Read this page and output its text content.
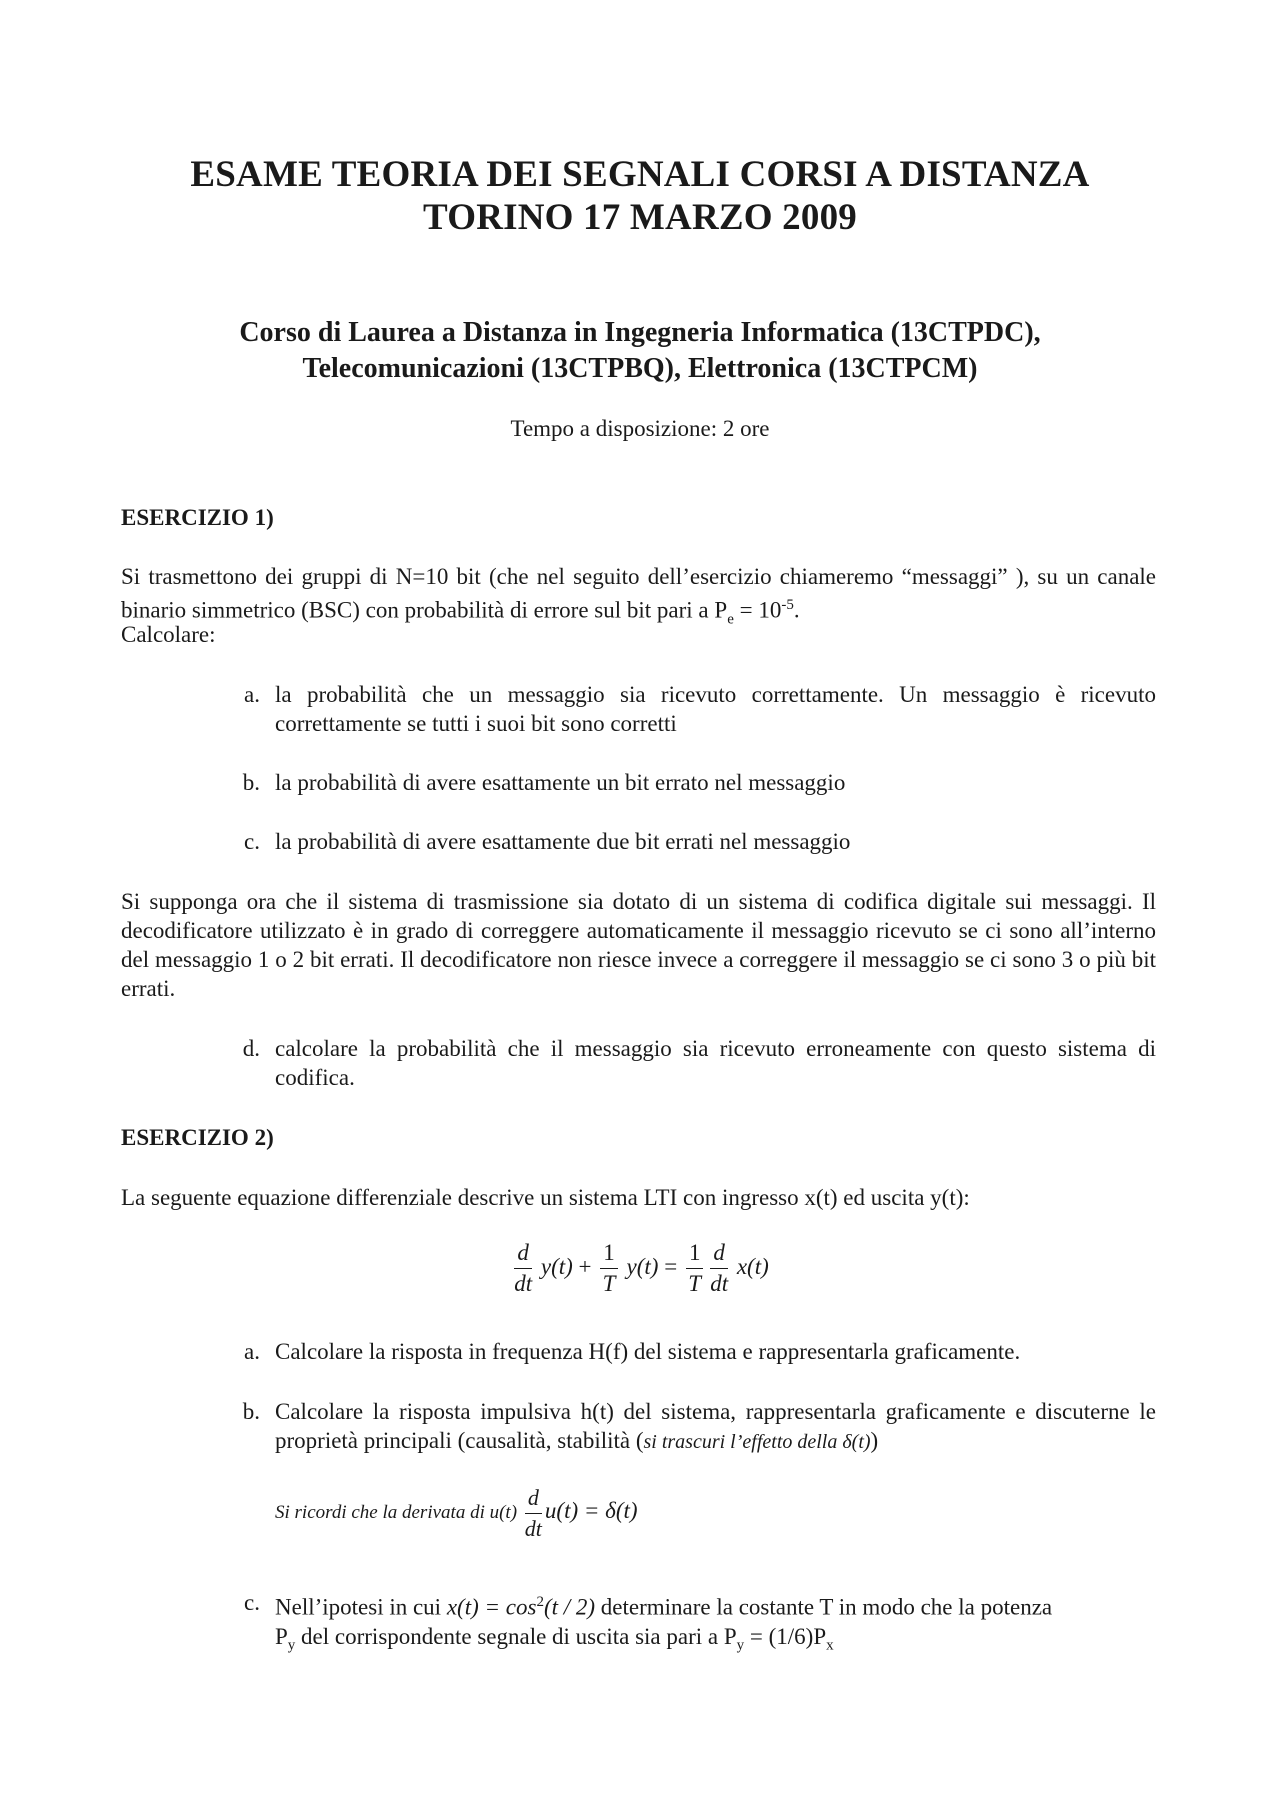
ESAME TEORIA DEI SEGNALI CORSI A DISTANZA
TORINO 17 MARZO 2009
Corso di Laurea a Distanza in Ingegneria Informatica (13CTPDC),
Telecomunicazioni (13CTPBQ), Elettronica (13CTPCM)
Tempo a disposizione: 2 ore
ESERCIZIO 1)
Si trasmettono dei gruppi di N=10 bit (che nel seguito dell’esercizio chiameremo “messaggi” ), su un canale binario simmetrico (BSC) con probabilità di errore sul bit pari a $P_e = 10^{-5}$.
Calcolare:
a. la probabilità che un messaggio sia ricevuto correttamente. Un messaggio è ricevuto correttamente se tutti i suoi bit sono corretti
b. la probabilità di avere esattamente un bit errato nel messaggio
c. la probabilità di avere esattamente due bit errati nel messaggio
Si supponga ora che il sistema di trasmissione sia dotato di un sistema di codifica digitale sui messaggi. Il decodificatore utilizzato è in grado di correggere automaticamente il messaggio ricevuto se ci sono all’interno del messaggio 1 o 2 bit errati. Il decodificatore non riesce invece a correggere il messaggio se ci sono 3 o più bit errati.
d. calcolare la probabilità che il messaggio sia ricevuto erroneamente con questo sistema di codifica.
ESERCIZIO 2)
La seguente equazione differenziale descrive un sistema LTI con ingresso x(t) ed uscita y(t):
$\frac{d}{dt} y(t) + \frac{1}{T} y(t) = \frac{1}{T}$
$\frac{d}{dt} x(t)$
a. Calcolare la risposta in frequenza H(f) del sistema e rappresentarla graficamente.
b. Calcolare la risposta impulsiva h(t) del sistema, rappresentarla graficamente e discuterne le proprietà principali (causalità, stabilità (si trascuri l’effetto della δ(t))
Si ricordi che la derivata di $u(t) \frac{d}{dt} u(t) = \delta(t)$
c. Nell’ipotesi in cui $x(t) = \cos^2(t / 2)$ determinare la costante T in modo che la potenza
$P_y$ del corrispondente segnale di uscita sia pari a $P_y = (1/6)P_x$
